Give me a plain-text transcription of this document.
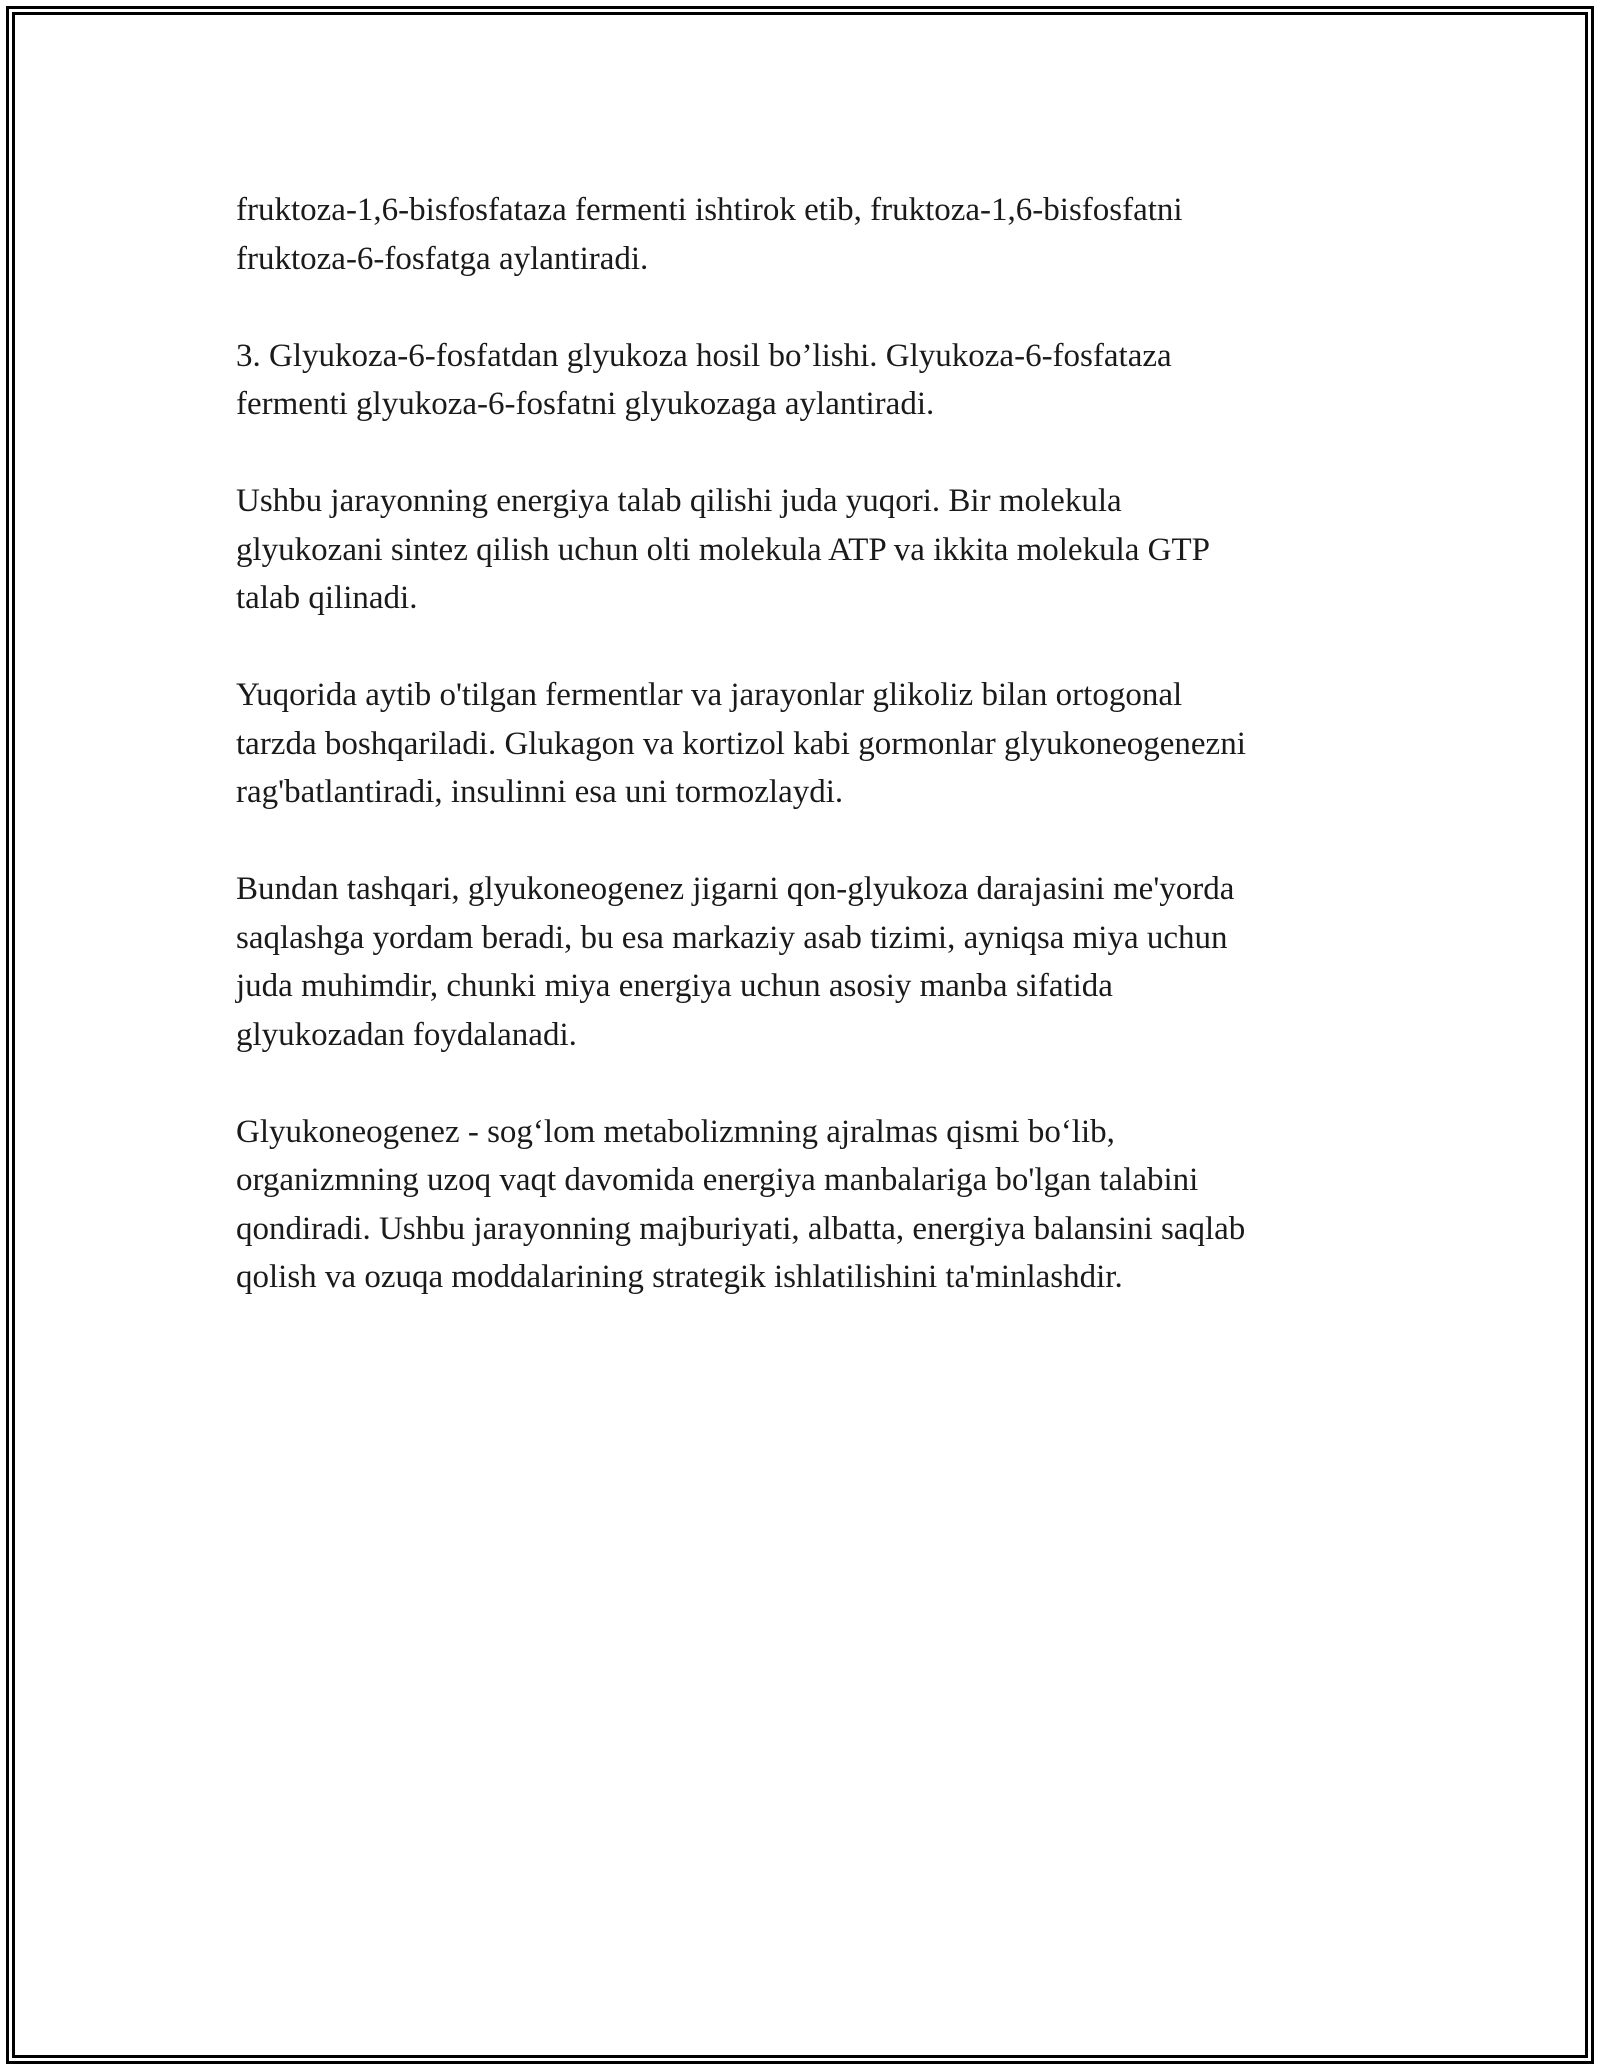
fruktoza-1,6-bisfosfataza fermenti ishtirok etib, fruktoza-1,6-bisfosfatni
fruktoza-6-fosfatga aylantiradi.

3. Glyukoza-6-fosfatdan glyukoza hosil bo’lishi. Glyukoza-6-fosfataza
fermenti glyukoza-6-fosfatni glyukozaga aylantiradi.

Ushbu jarayonning energiya talab qilishi juda yuqori. Bir molekula
glyukozani sintez qilish uchun olti molekula ATP va ikkita molekula GTP
talab qilinadi.

Yuqorida aytib o'tilgan fermentlar va jarayonlar glikoliz bilan ortogonal
tarzda boshqariladi. Glukagon va kortizol kabi gormonlar glyukoneogenezni
rag'batlantiradi, insulinni esa uni tormozlaydi.

Bundan tashqari, glyukoneogenez jigarni qon-glyukoza darajasini me'yorda
saqlashga yordam beradi, bu esa markaziy asab tizimi, ayniqsa miya uchun
juda muhimdir, chunki miya energiya uchun asosiy manba sifatida
glyukozadan foydalanadi.

Glyukoneogenez - sog‘lom metabolizmning ajralmas qismi bo‘lib,
organizmning uzoq vaqt davomida energiya manbalariga bo'lgan talabini
qondiradi. Ushbu jarayonning majburiyati, albatta, energiya balansini saqlab
qolish va ozuqa moddalarining strategik ishlatilishini ta'minlashdir.
